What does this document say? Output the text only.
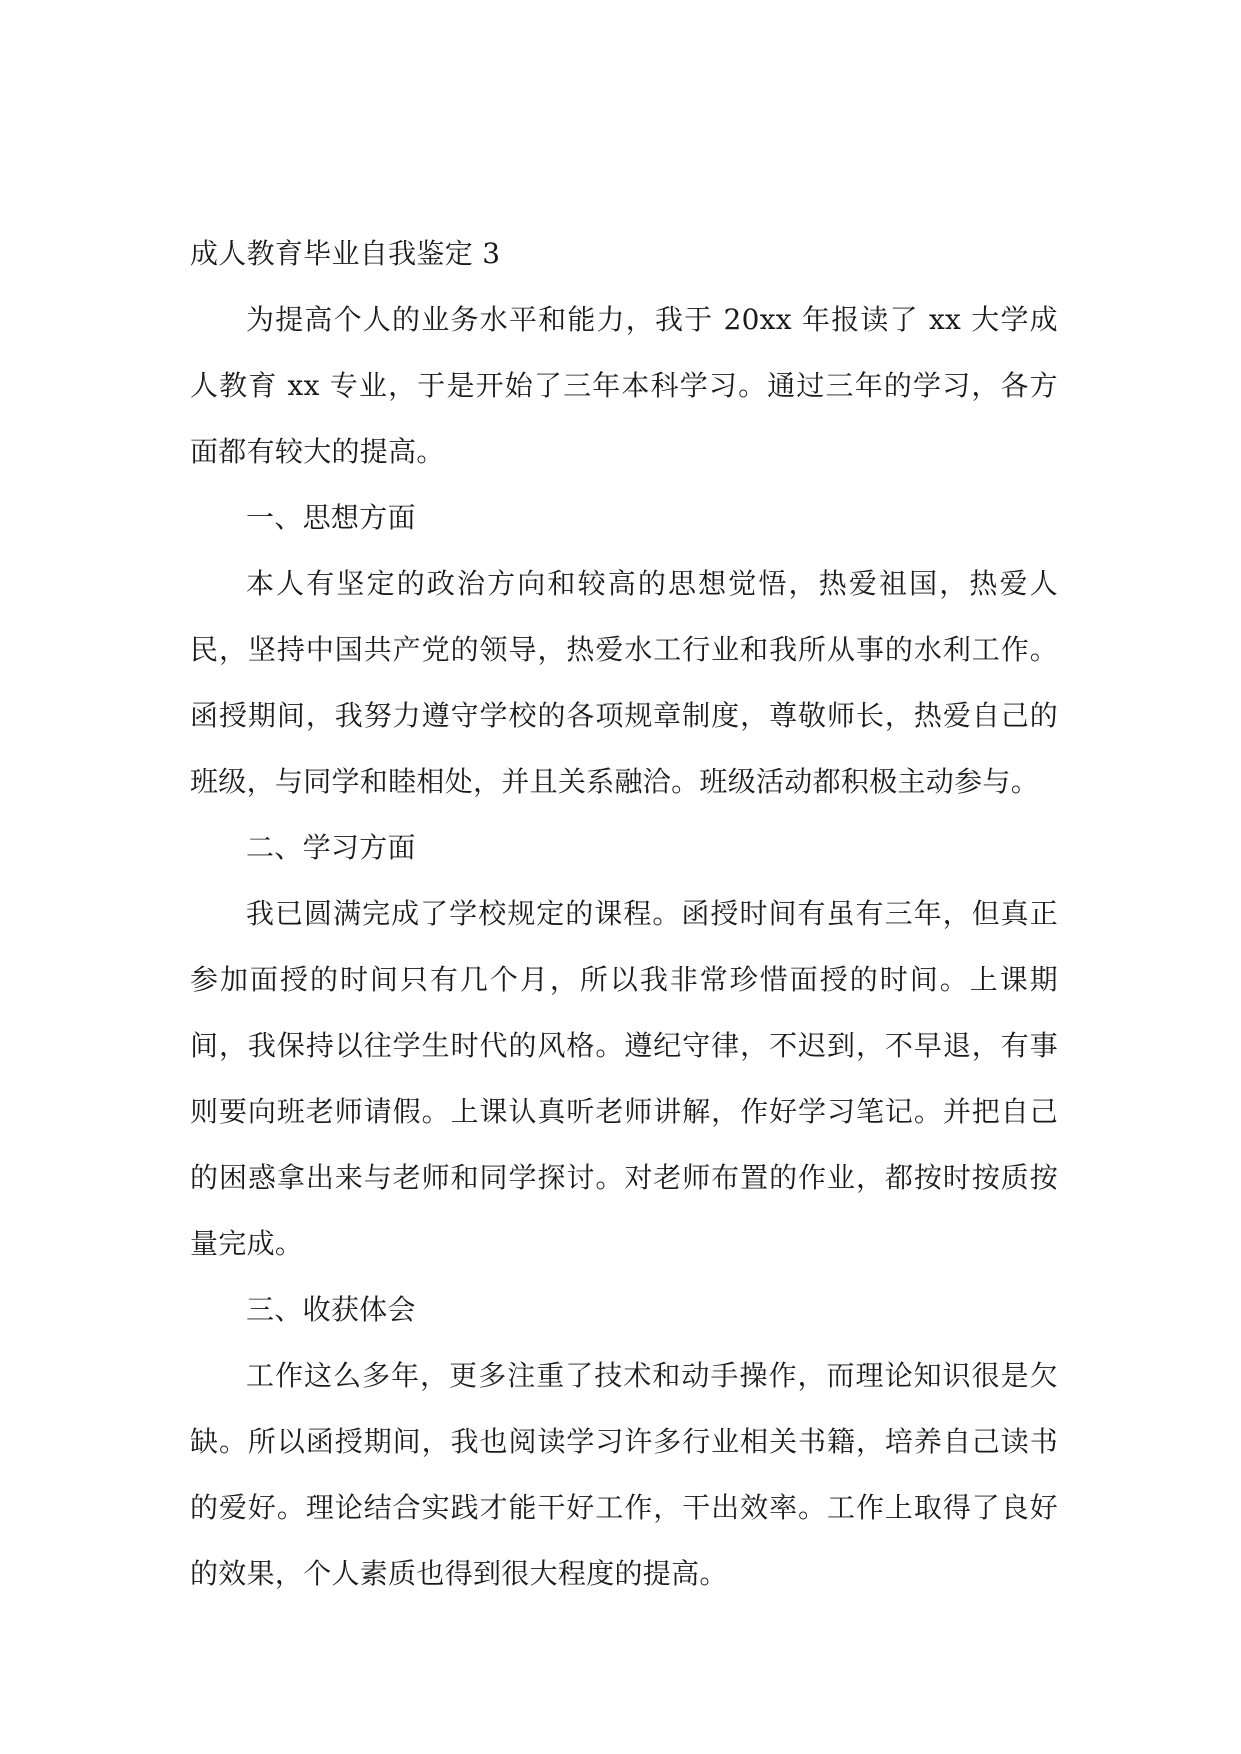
成人教育毕业自我鉴定 3

为提高个人的业务水平和能力，我于 20xx 年报读了 xx 大学成人教育 xx 专业，于是开始了三年本科学习。通过三年的学习，各方面都有较大的提高。

一、思想方面

本人有坚定的政治方向和较高的思想觉悟，热爱祖国，热爱人民，坚持中国共产党的领导，热爱水工行业和我所从事的水利工作。函授期间，我努力遵守学校的各项规章制度，尊敬师长，热爱自己的班级，与同学和睦相处，并且关系融洽。班级活动都积极主动参与。

二、学习方面

我已圆满完成了学校规定的课程。函授时间有虽有三年，但真正参加面授的时间只有几个月，所以我非常珍惜面授的时间。上课期间，我保持以往学生时代的风格。遵纪守律，不迟到，不早退，有事则要向班老师请假。上课认真听老师讲解，作好学习笔记。并把自己的困惑拿出来与老师和同学探讨。对老师布置的作业，都按时按质按量完成。

三、收获体会

工作这么多年，更多注重了技术和动手操作，而理论知识很是欠缺。所以函授期间，我也阅读学习许多行业相关书籍，培养自己读书的爱好。理论结合实践才能干好工作，干出效率。工作上取得了良好的效果，个人素质也得到很大程度的提高。
